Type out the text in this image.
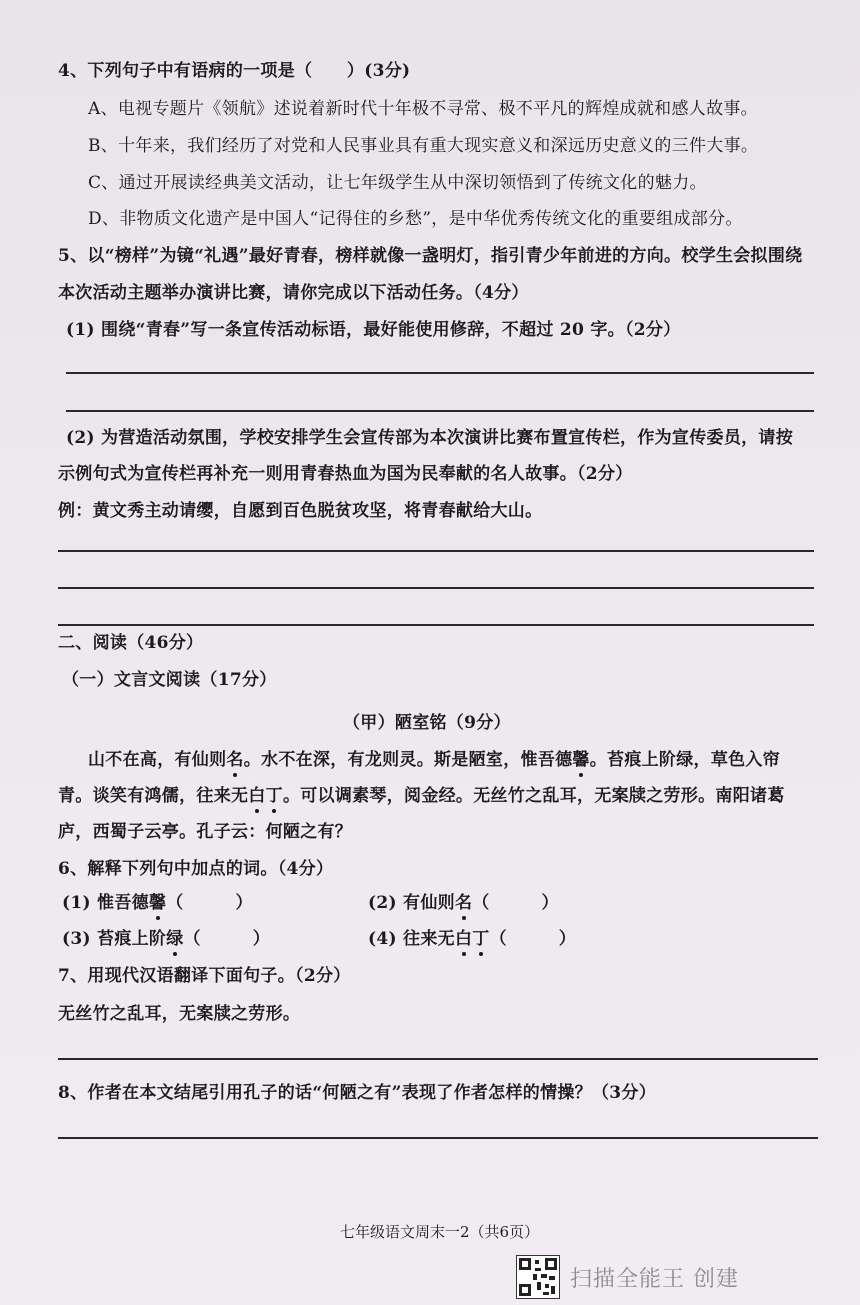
4、下列句子中有语病的一项是（　　）(3分)
A、电视专题片《领航》述说着新时代十年极不寻常、极不平凡的辉煌成就和感人故事。
B、十年来，我们经历了对党和人民事业具有重大现实意义和深远历史意义的三件大事。
C、通过开展读经典美文活动，让七年级学生从中深切领悟到了传统文化的魅力。
D、非物质文化遗产是中国人“记得住的乡愁”，是中华优秀传统文化的重要组成部分。
5、以“榜样”为镜“礼遇”最好青春，榜样就像一盏明灯，指引青少年前进的方向。校学生会拟围绕
本次活动主题举办演讲比赛，请你完成以下活动任务。（4分）
(1) 围绕“青春”写一条宣传活动标语，最好能使用修辞，不超过 20 字。（2分）
(2) 为营造活动氛围，学校安排学生会宣传部为本次演讲比赛布置宣传栏，作为宣传委员，请按
示例句式为宣传栏再补充一则用青春热血为国为民奉献的名人故事。（2分）
例：黄文秀主动请缨，自愿到百色脱贫攻坚，将青春献给大山。
二、阅读（46分）
（一）文言文阅读（17分）
（甲）陋室铭（9分）
山不在高，有仙则名。水不在深，有龙则灵。斯是陋室，惟吾德馨。苔痕上阶绿，草色入帘
青。谈笑有鸿儒，往来无白丁。可以调素琴，阅金经。无丝竹之乱耳，无案牍之劳形。南阳诸葛
庐，西蜀子云亭。孔子云：何陋之有？
6、解释下列句中加点的词。（4分）
(1) 惟吾德馨（　　　）	(2) 有仙则名（　　　）
(3) 苔痕上阶绿（　　　）	(4) 往来无白丁（　　　）
7、用现代汉语翻译下面句子。（2分）
无丝竹之乱耳，无案牍之劳形。
8、作者在本文结尾引用孔子的话“何陋之有”表现了作者怎样的情操？（3分）
七年级语文周末一2（共6页）
扫描全能王 创建
